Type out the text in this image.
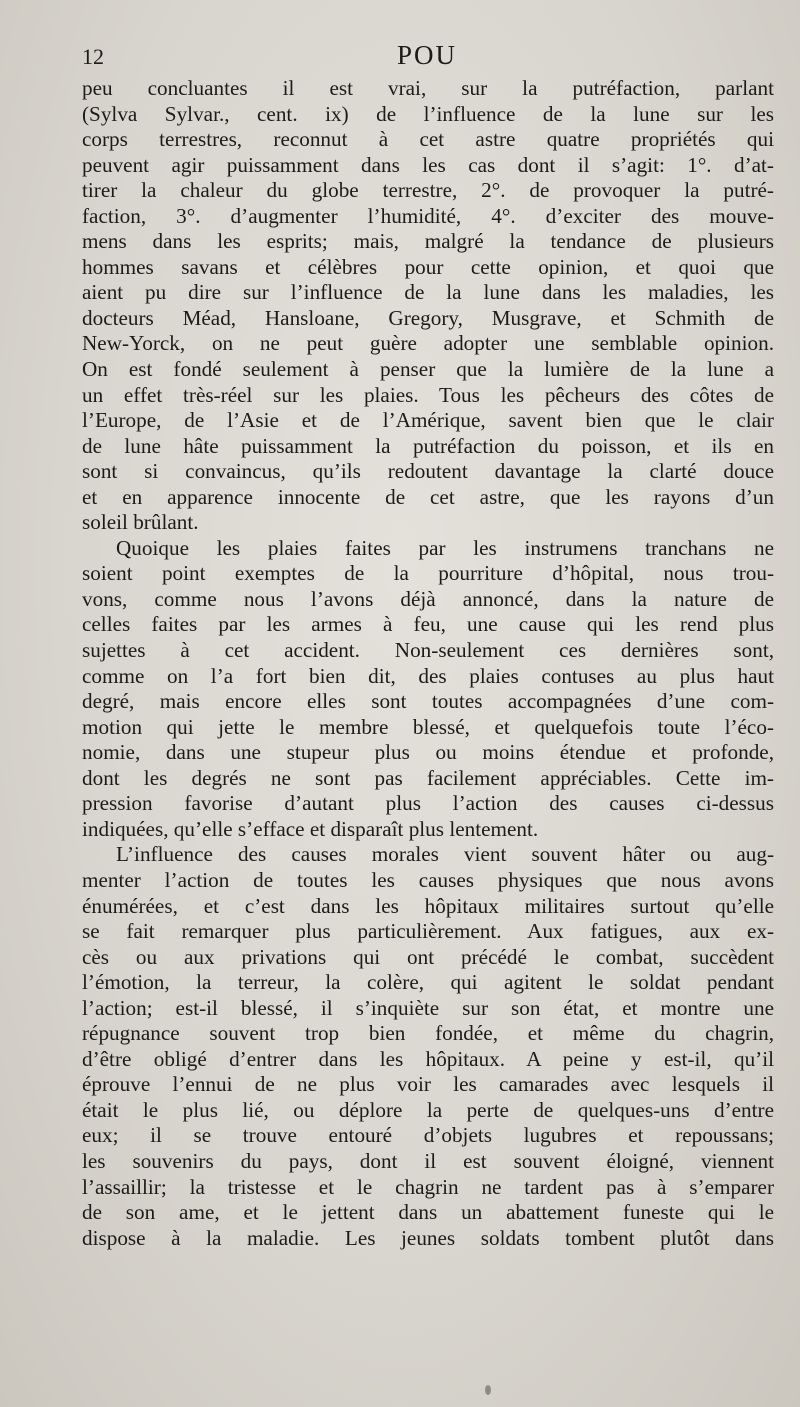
12	POU
peu concluantes il est vrai, sur la putréfaction, parlant
(Sylva Sylvar., cent. ix) de l’influence de la lune sur les
corps terrestres, reconnut à cet astre quatre propriétés qui
peuvent agir puissamment dans les cas dont il s’agit: 1°. d’at-
tirer la chaleur du globe terrestre, 2°. de provoquer la putré-
faction, 3°. d’augmenter l’humidité, 4°. d’exciter des mouve-
mens dans les esprits; mais, malgré la tendance de plusieurs
hommes savans et célèbres pour cette opinion, et quoi que
aient pu dire sur l’influence de la lune dans les maladies, les
docteurs Méad, Hansloane, Gregory, Musgrave, et Schmith de
New-Yorck, on ne peut guère adopter une semblable opinion.
On est fondé seulement à penser que la lumière de la lune a
un effet très-réel sur les plaies. Tous les pêcheurs des côtes de
l’Europe, de l’Asie et de l’Amérique, savent bien que le clair
de lune hâte puissamment la putréfaction du poisson, et ils en
sont si convaincus, qu’ils redoutent davantage la clarté douce
et en apparence innocente de cet astre, que les rayons d’un
soleil brûlant.
Quoique les plaies faites par les instrumens tranchans ne
soient point exemptes de la pourriture d’hôpital, nous trou-
vons, comme nous l’avons déjà annoncé, dans la nature de
celles faites par les armes à feu, une cause qui les rend plus
sujettes à cet accident. Non-seulement ces dernières sont,
comme on l’a fort bien dit, des plaies contuses au plus haut
degré, mais encore elles sont toutes accompagnées d’une com-
motion qui jette le membre blessé, et quelquefois toute l’éco-
nomie, dans une stupeur plus ou moins étendue et profonde,
dont les degrés ne sont pas facilement appréciables. Cette im-
pression favorise d’autant plus l’action des causes ci-dessus
indiquées, qu’elle s’efface et disparaît plus lentement.
L’influence des causes morales vient souvent hâter ou aug-
menter l’action de toutes les causes physiques que nous avons
énumérées, et c’est dans les hôpitaux militaires surtout qu’elle
se fait remarquer plus particulièrement. Aux fatigues, aux ex-
cès ou aux privations qui ont précédé le combat, succèdent
l’émotion, la terreur, la colère, qui agitent le soldat pendant
l’action; est-il blessé, il s’inquiète sur son état, et montre une
répugnance souvent trop bien fondée, et même du chagrin,
d’être obligé d’entrer dans les hôpitaux. A peine y est-il, qu’il
éprouve l’ennui de ne plus voir les camarades avec lesquels il
était le plus lié, ou déplore la perte de quelques-uns d’entre
eux; il se trouve entouré d’objets lugubres et repoussans;
les souvenirs du pays, dont il est souvent éloigné, viennent
l’assaillir; la tristesse et le chagrin ne tardent pas à s’emparer
de son ame, et le jettent dans un abattement funeste qui le
dispose à la maladie. Les jeunes soldats tombent plutôt dans
